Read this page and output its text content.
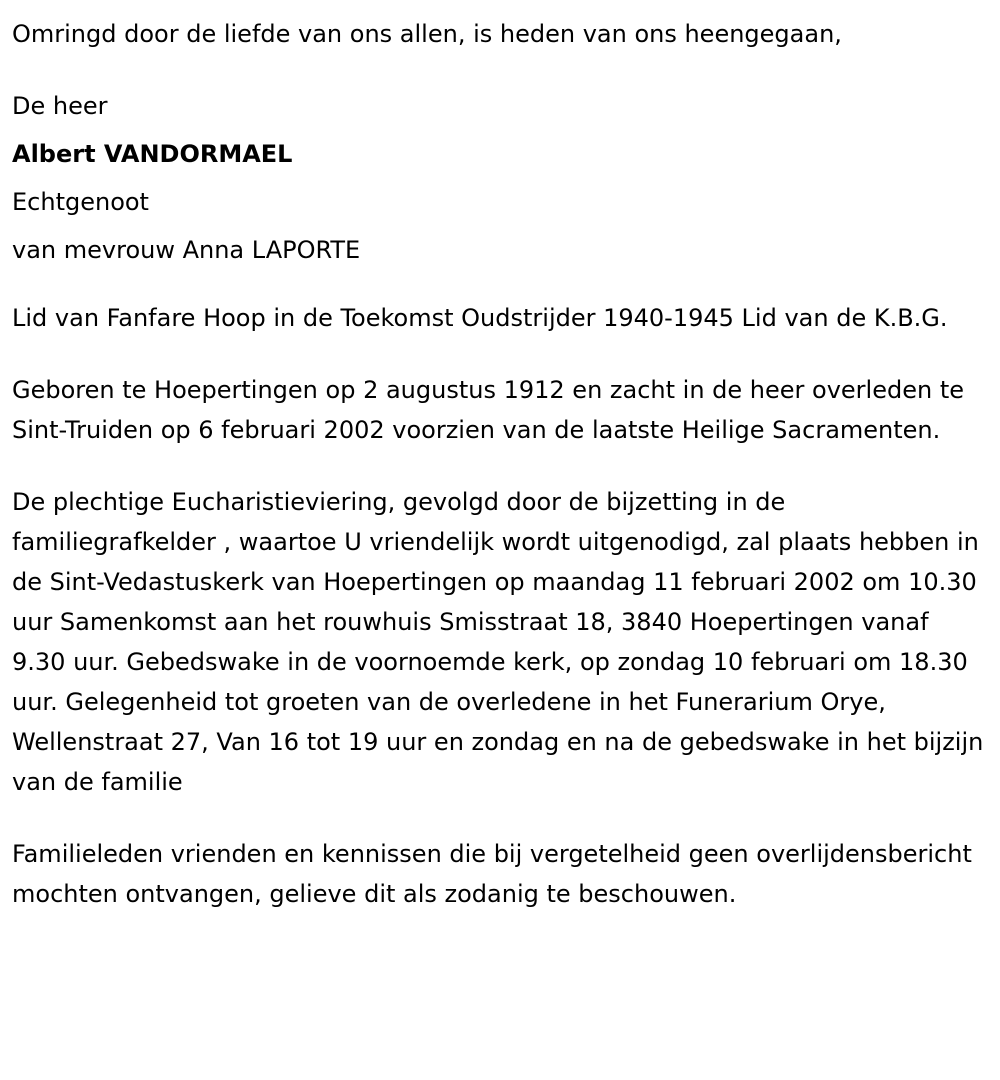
Omringd door de liefde van ons allen, is heden van ons heengegaan,

De heer

Albert VANDORMAEL

Echtgenoot

van mevrouw Anna LAPORTE

Lid van Fanfare Hoop in de Toekomst Oudstrijder 1940-1945 Lid van de K.B.G.

Geboren te Hoepertingen op 2 augustus 1912 en zacht in de heer overleden te Sint-Truiden op 6 februari 2002 voorzien van de laatste Heilige Sacramenten.

De plechtige Eucharistieviering, gevolgd door de bijzetting in de familiegrafkelder , waartoe U vriendelijk wordt uitgenodigd, zal plaats hebben in de Sint-Vedastuskerk van Hoepertingen op maandag 11 februari 2002 om 10.30 uur Samenkomst aan het rouwhuis Smisstraat 18, 3840 Hoepertingen vanaf 9.30 uur. Gebedswake in de voornoemde kerk, op zondag 10 februari om 18.30 uur. Gelegenheid tot groeten van de overledene in het Funerarium Orye, Wellenstraat 27, Van 16 tot 19 uur en zondag en na de gebedswake in het bijzijn van de familie

Familieleden vrienden en kennissen die bij vergetelheid geen overlijdensbericht mochten ontvangen, gelieve dit als zodanig te beschouwen.
